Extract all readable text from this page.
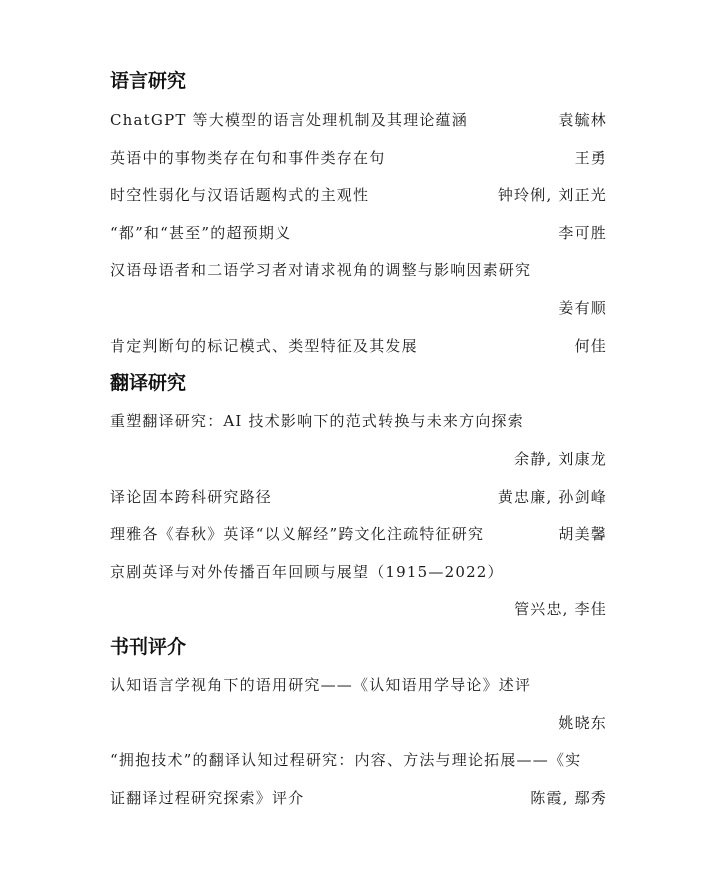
语言研究
ChatGPT 等大模型的语言处理机制及其理论蕴涵	袁毓林
英语中的事物类存在句和事件类存在句	王勇
时空性弱化与汉语话题构式的主观性	钟玲俐, 刘正光
“都”和“甚至”的超预期义	李可胜
汉语母语者和二语学习者对请求视角的调整与影响因素研究
姜有顺
肯定判断句的标记模式、类型特征及其发展	何佳
翻译研究
重塑翻译研究：AI 技术影响下的范式转换与未来方向探索
余静, 刘康龙
译论固本跨科研究路径	黄忠廉, 孙剑峰
理雅各《春秋》英译“以义解经”跨文化注疏特征研究	胡美馨
京剧英译与对外传播百年回顾与展望（1915—2022）
管兴忠, 李佳
书刊评介
认知语言学视角下的语用研究——《认知语用学导论》述评
姚晓东
“拥抱技术”的翻译认知过程研究：内容、方法与理论拓展——《实
证翻译过程研究探索》评介	陈霞, 鄢秀
